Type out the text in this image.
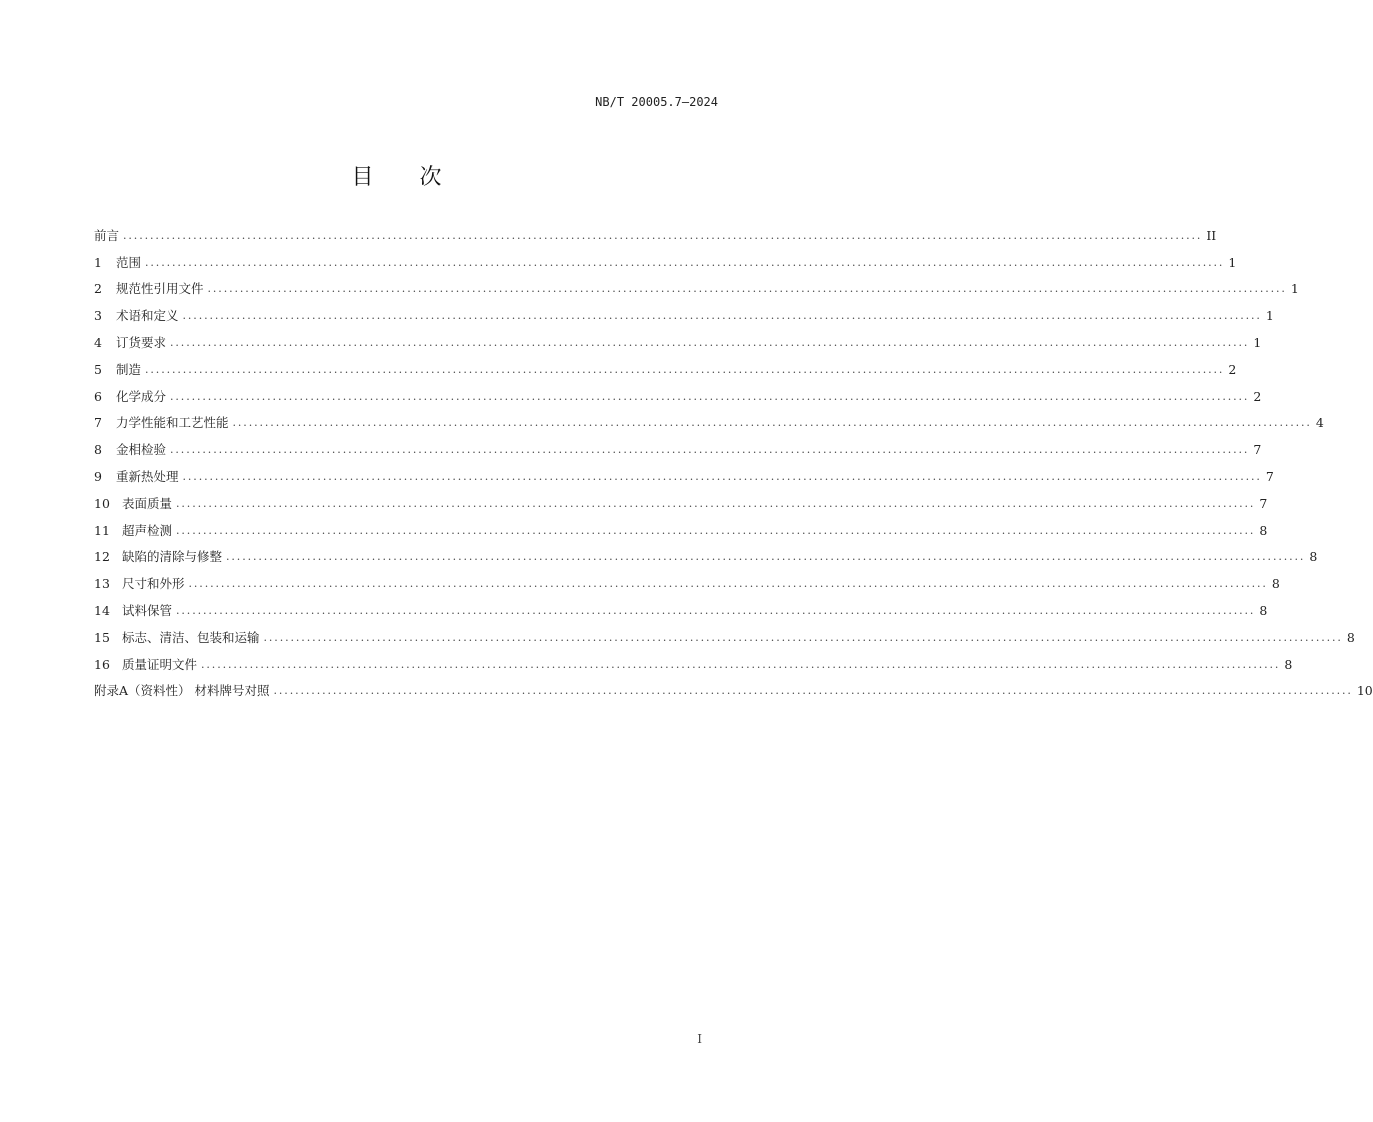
NB/T 20005.7—2024
目 次
前言 ........................................................................................................................................................................................................ II
1	范围 ........................................................................................................................................................................................................ 1
2	规范性引用文件 ........................................................................................................................................................................................................ 1
3	术语和定义 ........................................................................................................................................................................................................ 1
4	订货要求 ........................................................................................................................................................................................................ 1
5	制造 ........................................................................................................................................................................................................ 2
6	化学成分 ........................................................................................................................................................................................................ 2
7	力学性能和工艺性能 ........................................................................................................................................................................................................ 4
8	金相检验 ........................................................................................................................................................................................................ 7
9	重新热处理 ........................................................................................................................................................................................................ 7
10 表面质量 ........................................................................................................................................................................................................ 7
11 超声检测 ........................................................................................................................................................................................................ 8
12 缺陷的清除与修整 ........................................................................................................................................................................................................ 8
13 尺寸和外形 ........................................................................................................................................................................................................ 8
14 试料保管 ........................................................................................................................................................................................................ 8
15 标志、清洁、包装和运输 ........................................................................................................................................................................................................ 8
16 质量证明文件 ........................................................................................................................................................................................................ 8
附录A（资料性） 材料牌号对照 ........................................................................................................................................................................................................ 10
I
